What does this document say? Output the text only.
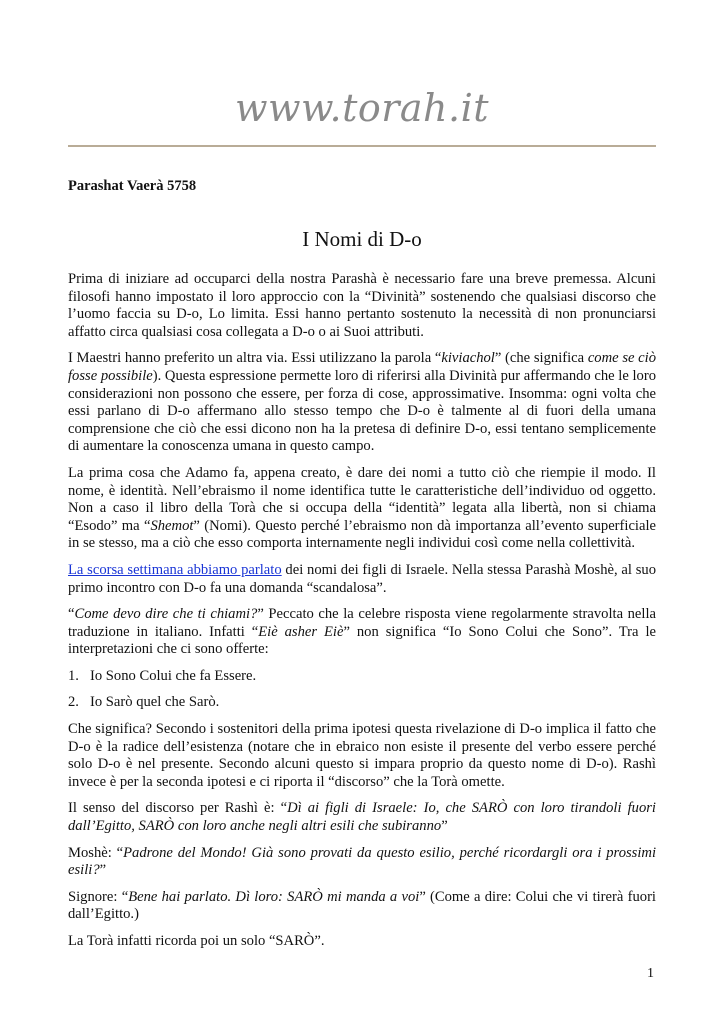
www.torah.it
Parashat Vaerà 5758
I Nomi di D-o

Prima di iniziare ad occuparci della nostra Parashà è necessario fare una breve premessa. Alcuni filosofi hanno impostato il loro approccio con la “Divinità” sostenendo che qualsiasi discorso che l’uomo faccia su D-o, Lo limita. Essi hanno pertanto sostenuto la necessità di non pronunciarsi affatto circa qualsiasi cosa collegata a D-o o ai Suoi attributi.

I Maestri hanno preferito un altra via. Essi utilizzano la parola “kiviachol” (che significa come se ciò fosse possibile). Questa espressione permette loro di riferirsi alla Divinità pur affermando che le loro considerazioni non possono che essere, per forza di cose, approssimative. Insomma: ogni volta che essi parlano di D-o affermano allo stesso tempo che D-o è talmente al di fuori della umana comprensione che ciò che essi dicono non ha la pretesa di definire D-o, essi tentano semplicemente di aumentare la conoscenza umana in questo campo.

La prima cosa che Adamo fa, appena creato, è dare dei nomi a tutto ciò che riempie il modo. Il nome, è identità. Nell’ebraismo il nome identifica tutte le caratteristiche dell’individuo od oggetto. Non a caso il libro della Torà che si occupa della “identità” legata alla libertà, non si chiama “Esodo” ma “Shemot” (Nomi). Questo perché l’ebraismo non dà importanza all’evento superficiale in se stesso, ma a ciò che esso comporta internamente negli individui così come nella collettività.

La scorsa settimana abbiamo parlato dei nomi dei figli di Israele. Nella stessa Parashà Moshè, al suo primo incontro con D-o fa una domanda “scandalosa”.

“Come devo dire che ti chiami?” Peccato che la celebre risposta viene regolarmente stravolta nella traduzione in italiano. Infatti “Eiè asher Eiè” non significa “Io Sono Colui che Sono”. Tra le interpretazioni che ci sono offerte:

1. Io Sono Colui che fa Essere.
2. Io Sarò quel che Sarò.

Che significa? Secondo i sostenitori della prima ipotesi questa rivelazione di D-o implica il fatto che D-o è la radice dell’esistenza (notare che in ebraico non esiste il presente del verbo essere perché solo D-o è nel presente. Secondo alcuni questo si impara proprio da questo nome di D-o). Rashì invece è per la seconda ipotesi e ci riporta il “discorso” che la Torà omette.

Il senso del discorso per Rashì è: “Dì ai figli di Israele: Io, che SARÒ con loro tirandoli fuori dall’Egitto, SARÒ con loro anche negli altri esili che subiranno”

Moshè: “Padrone del Mondo! Già sono provati da questo esilio, perché ricordargli ora i prossimi esili?”

Signore: “Bene hai parlato. Dì loro: SARÒ mi manda a voi” (Come a dire: Colui che vi tirerà fuori dall’Egitto.)

La Torà infatti ricorda poi un solo “SARÒ”.

1
